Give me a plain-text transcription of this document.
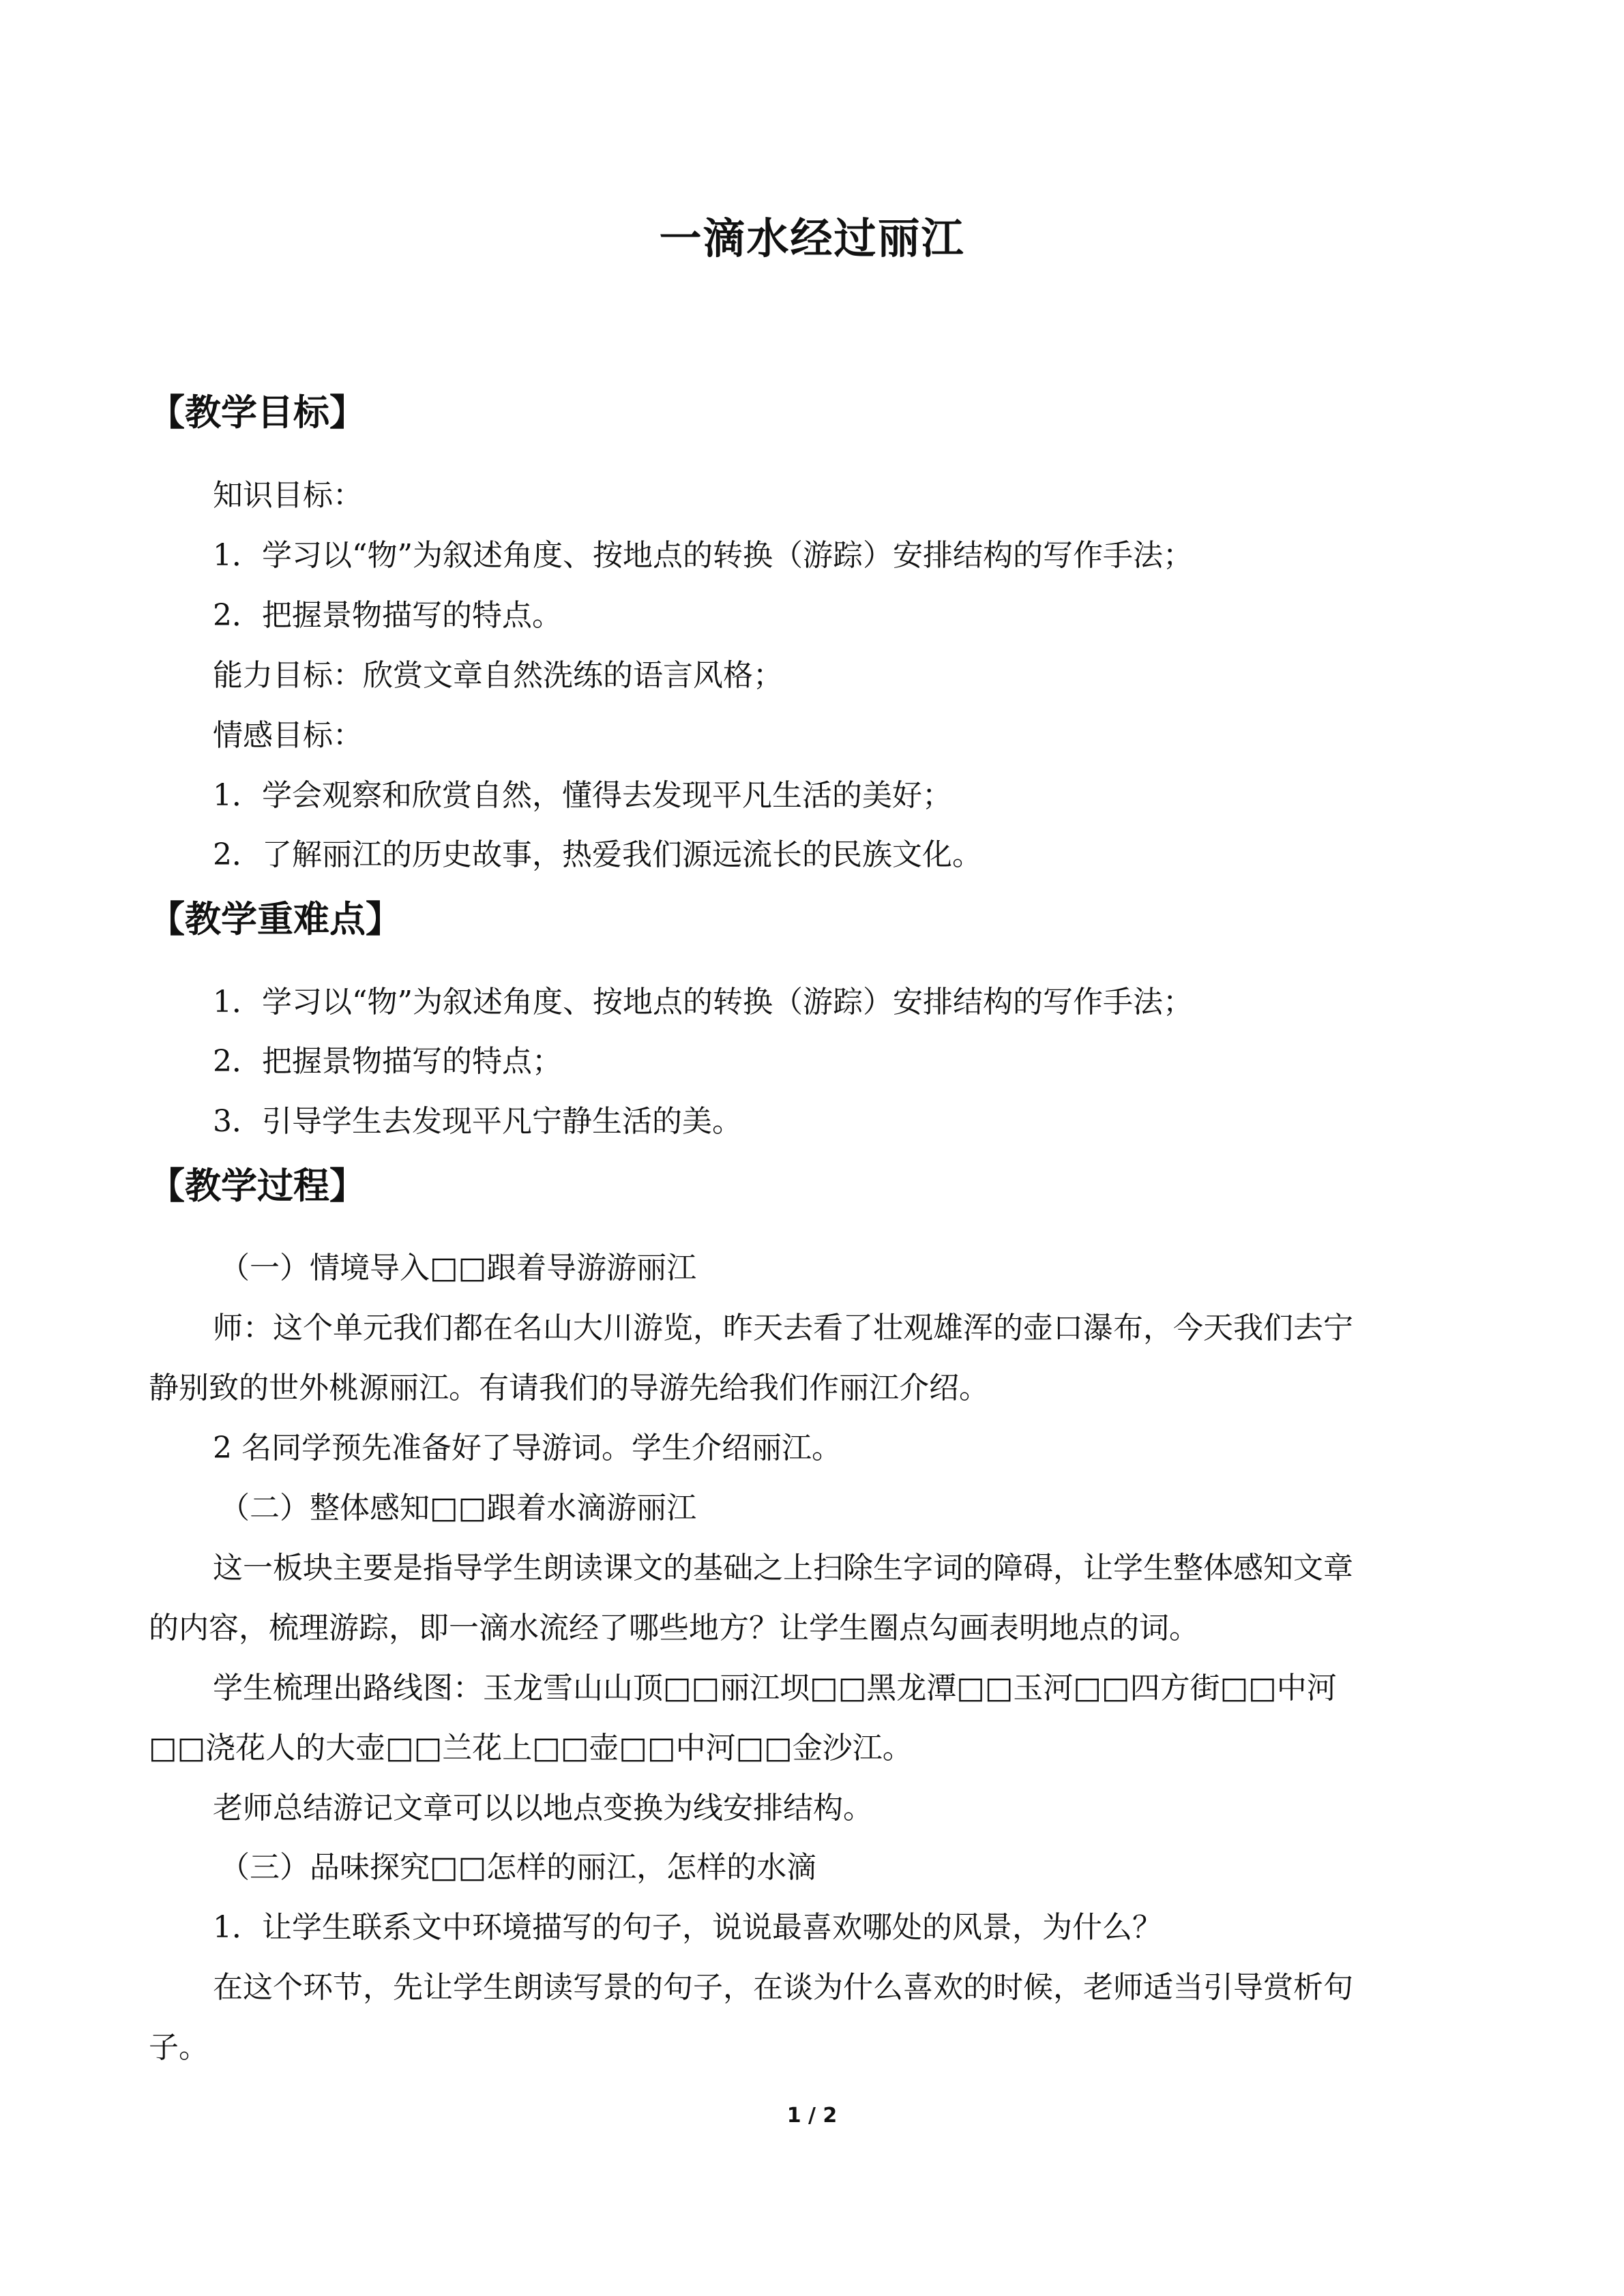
一滴水经过丽江
【教学目标】
知识目标：
1．学习以“物”为叙述角度、按地点的转换（游踪）安排结构的写作手法；
2．把握景物描写的特点。
能力目标：欣赏文章自然洗练的语言风格；
情感目标：
1．学会观察和欣赏自然，懂得去发现平凡生活的美好；
2．了解丽江的历史故事，热爱我们源远流长的民族文化。
【教学重难点】
1．学习以“物”为叙述角度、按地点的转换（游踪）安排结构的写作手法；
2．把握景物描写的特点；
3．引导学生去发现平凡宁静生活的美。
【教学过程】
（一）情境导入□□跟着导游游丽江
师：这个单元我们都在名山大川游览，昨天去看了壮观雄浑的壶口瀑布，今天我们去宁
静别致的世外桃源丽江。有请我们的导游先给我们作丽江介绍。
2 名同学预先准备好了导游词。学生介绍丽江。
（二）整体感知□□跟着水滴游丽江
这一板块主要是指导学生朗读课文的基础之上扫除生字词的障碍，让学生整体感知文章
的内容，梳理游踪，即一滴水流经了哪些地方？让学生圈点勾画表明地点的词。
学生梳理出路线图：玉龙雪山山顶□□丽江坝□□黑龙潭□□玉河□□四方街□□中河
□□浇花人的大壶□□兰花上□□壶□□中河□□金沙江。
老师总结游记文章可以以地点变换为线安排结构。
（三）品味探究□□怎样的丽江，怎样的水滴
1．让学生联系文中环境描写的句子，说说最喜欢哪处的风景，为什么？
在这个环节，先让学生朗读写景的句子，在谈为什么喜欢的时候，老师适当引导赏析句
子。
1 / 2
